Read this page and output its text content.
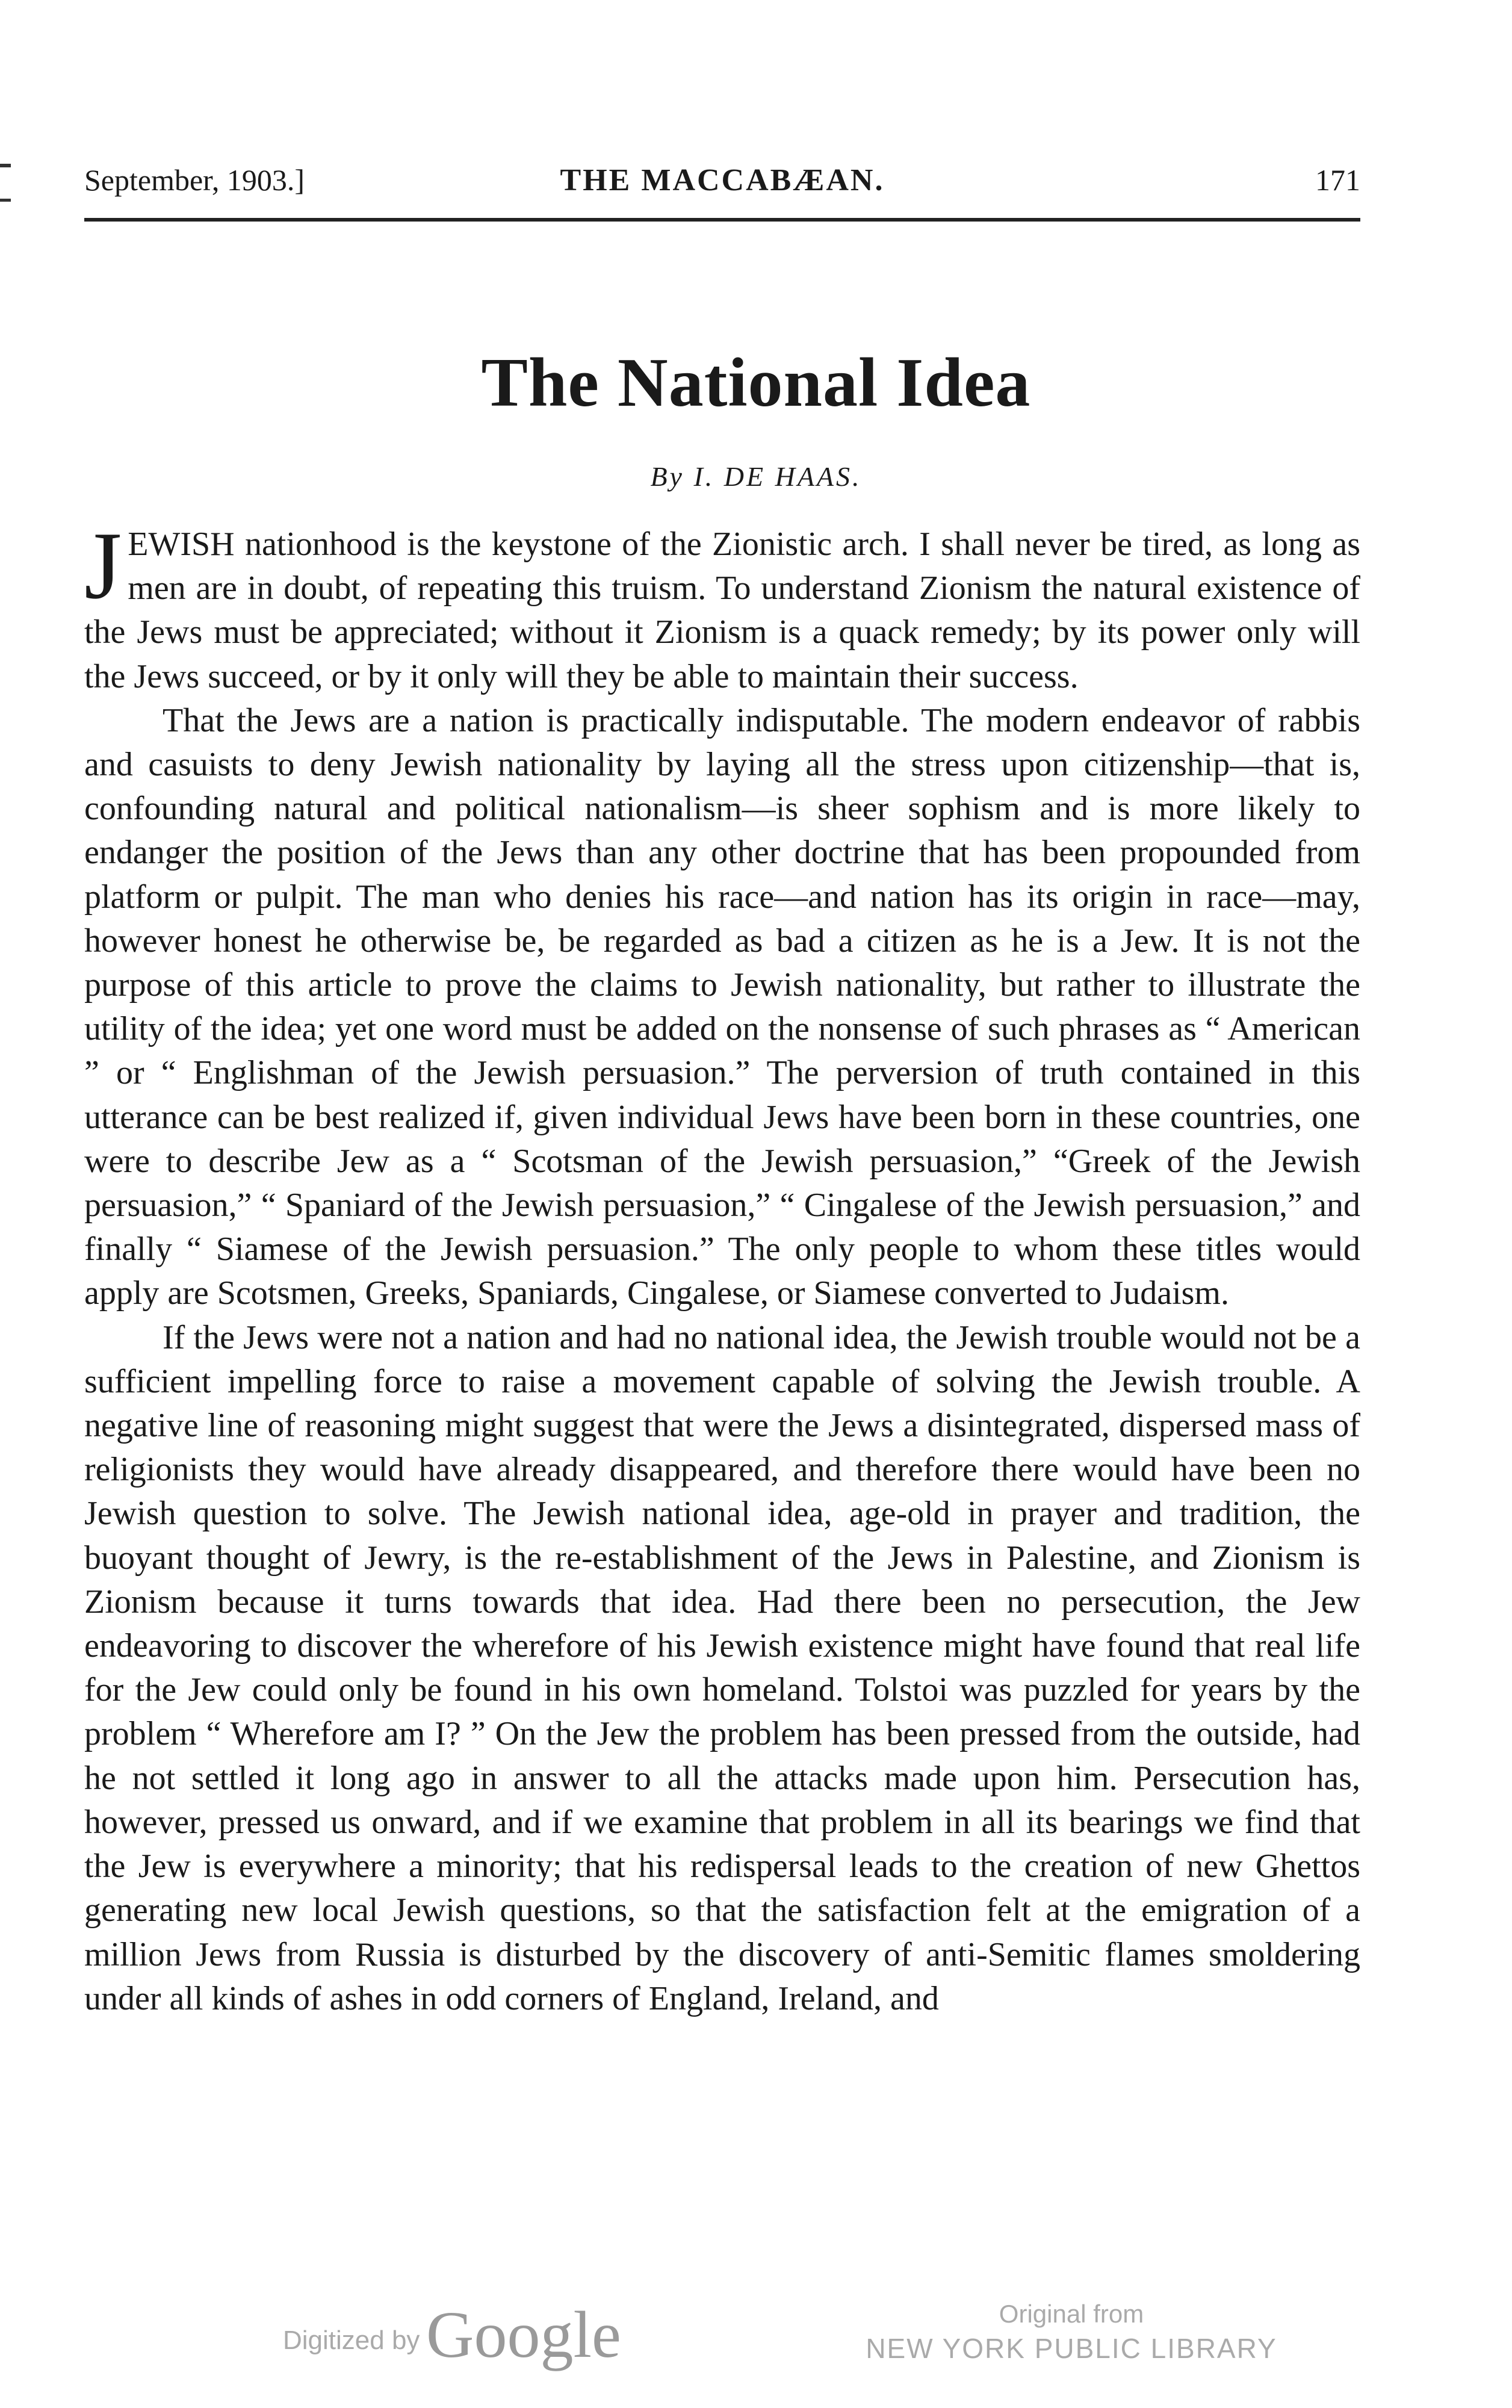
September, 1903.]	THE MACCABÆAN.	171
The National Idea
By I. DE HAAS.

JEWISH nationhood is the keystone of the Zionistic arch. I shall never be tired, as long as men are in doubt, of repeating this truism. To understand Zionism the natural existence of the Jews must be appreciated; without it Zionism is a quack remedy; by its power only will the Jews succeed, or by it only will they be able to maintain their success.

That the Jews are a nation is practically indisputable. The modern endeavor of rabbis and casuists to deny Jewish nationality by laying all the stress upon citizenship—that is, confounding natural and political nationalism—is sheer sophism and is more likely to endanger the position of the Jews than any other doctrine that has been propounded from platform or pulpit. The man who denies his race—and nation has its origin in race—may, however honest he otherwise be, be regarded as bad a citizen as he is a Jew. It is not the purpose of this article to prove the claims to Jewish nationality, but rather to illustrate the utility of the idea; yet one word must be added on the nonsense of such phrases as “ American ” or “ Englishman of the Jewish persuasion.” The perversion of truth contained in this utterance can be best realized if, given individual Jews have been born in these countries, one were to describe Jew as a “ Scotsman of the Jewish persuasion,” “Greek of the Jewish persuasion,” “ Spaniard of the Jewish persuasion,” “ Cingalese of the Jewish persuasion,” and finally “ Siamese of the Jewish persuasion.” The only people to whom these titles would apply are Scotsmen, Greeks, Spaniards, Cingalese, or Siamese converted to Judaism.

If the Jews were not a nation and had no national idea, the Jewish trouble would not be a sufficient impelling force to raise a movement capable of solving the Jewish trouble. A negative line of reasoning might suggest that were the Jews a disintegrated, dispersed mass of religionists they would have already disappeared, and therefore there would have been no Jewish question to solve. The Jewish national idea, age-old in prayer and tradition, the buoyant thought of Jewry, is the re-establishment of the Jews in Palestine, and Zionism is Zionism because it turns towards that idea. Had there been no persecution, the Jew endeavoring to discover the wherefore of his Jewish existence might have found that real life for the Jew could only be found in his own homeland. Tolstoi was puzzled for years by the problem “ Wherefore am I? ” On the Jew the problem has been pressed from the outside, had he not settled it long ago in answer to all the attacks made upon him. Persecution has, however, pressed us onward, and if we examine that problem in all its bearings we find that the Jew is everywhere a minority; that his redispersal leads to the creation of new Ghettos generating new local Jewish questions, so that the satisfaction felt at the emigration of a million Jews from Russia is disturbed by the discovery of anti-Semitic flames smoldering under all kinds of ashes in odd corners of England, Ireland, and

Digitized by Google	Original from
NEW YORK PUBLIC LIBRARY
